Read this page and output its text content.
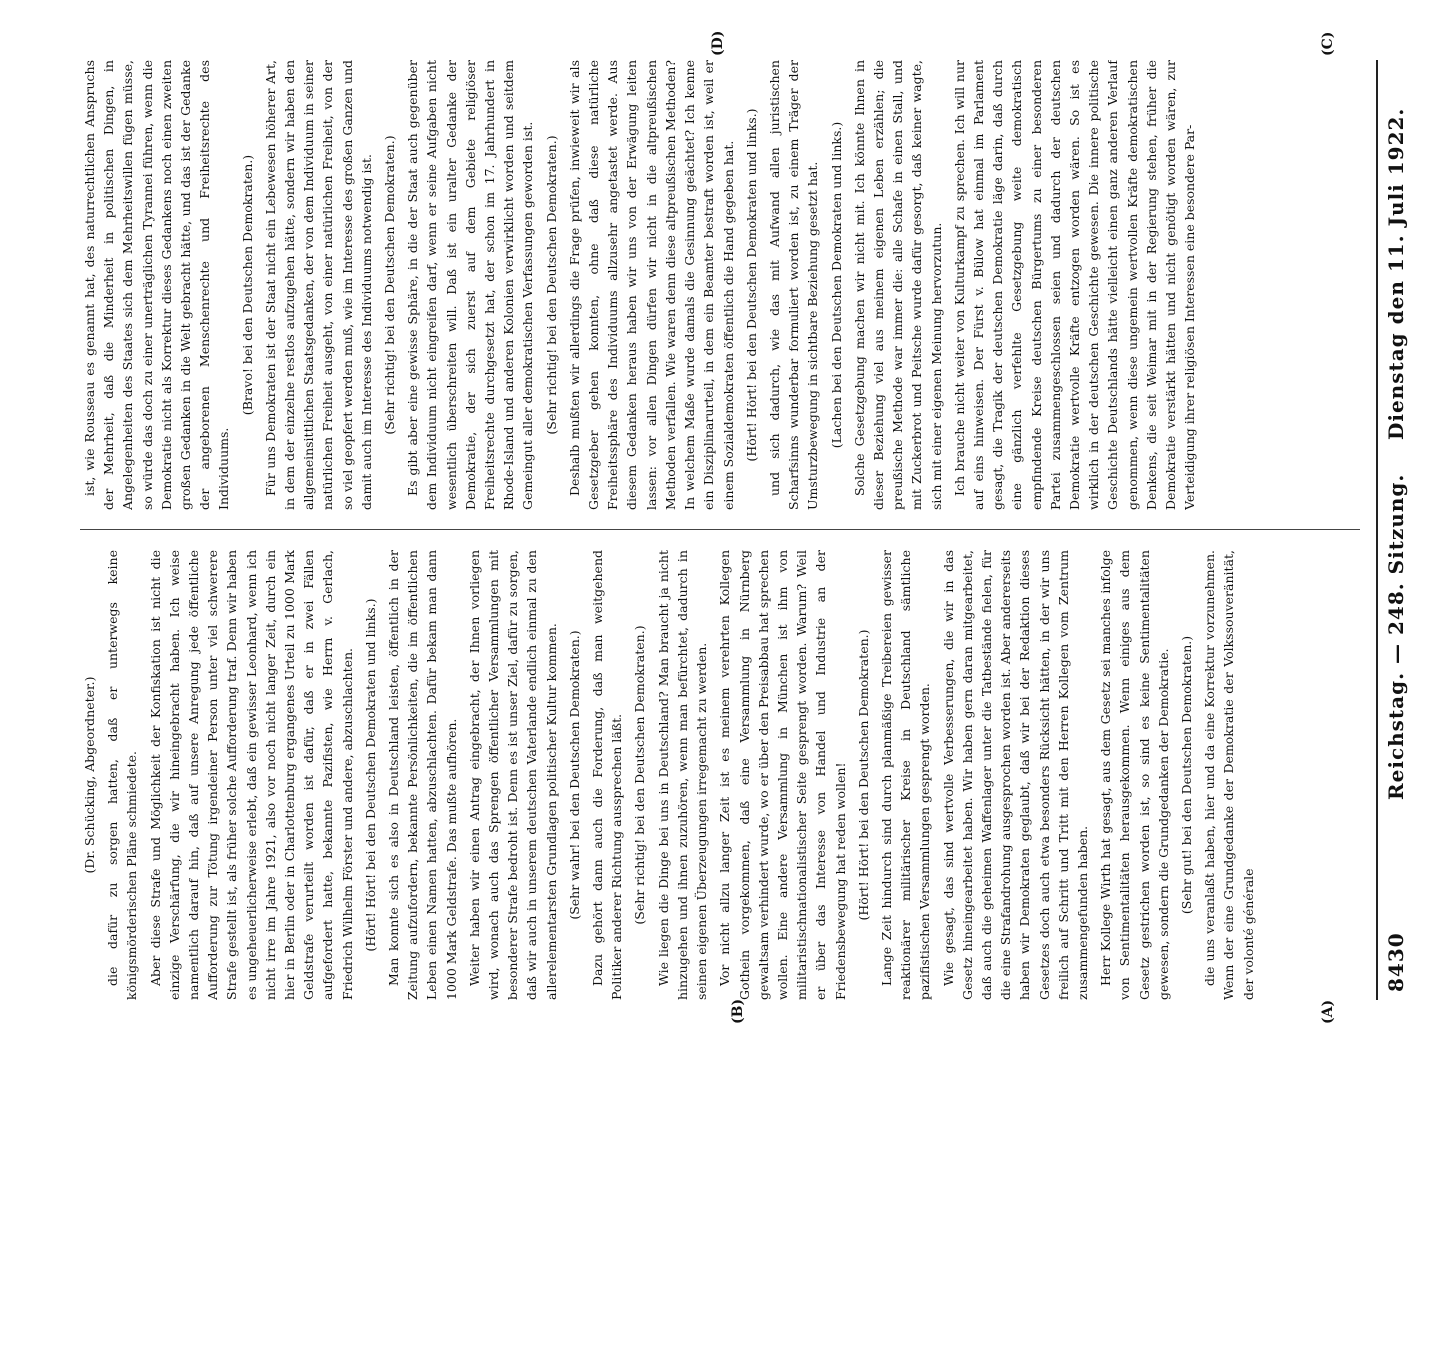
(Dr. Schücking, Abgeordneter.) die dafür zu sorgen hatten, daß er unterwegs keine königsmörderischen Pläne schmiedete. Aber diese Strafe und Möglichkeit der Konfiskation ist nicht die einzige Verschärfung, die wir hineingebracht haben. Ich weise namentlich darauf hin, daß auf unsere Anregung jede öffentliche Aufforderung zur Tötung irgendeiner Person unter viel schwerere Strafe gestellt ist, als früher solche Aufforderung traf. Denn wir haben es ungeheuerlicherweise erlebt, daß ein gewisser Leonhard, wenn ich nicht irre im Jahre 1921, also vor noch nicht langer Zeit, durch ein hier in Berlin oder in Charlottenburg ergangenes Urteil zu 1000 Mark Geldstrafe verurteilt worden ist dafür, daß er in zwei Fällen aufgefordert hatte, bekannte Pazifisten, wie Herrn v. Gerlach, Friedrich Wilhelm Förster und andere, abzuschlachten. (Hört! Hört! bei den Deutschen Demokraten und links.) Man konnte sich es also in Deutschland leisten, öffentlich in der Zeitung aufzufordern, bekannte Persönlichkeiten, die im öffentlichen Leben einen Namen hatten, abzuschlachten. Dafür bekam man dann 1000 Mark Geldstrafe. Das mußte aufhören. Weiter haben wir einen Antrag eingebracht, der Ihnen vorliegen wird, wonach auch das Sprengen öffentlicher Versammlungen mit besonderer Strafe bedroht ist. Denn es ist unser Ziel, dafür zu sorgen, daß wir auch in unserem deutschen Vaterlande endlich einmal zu den allerelementarsten Grundlagen politischer Kultur kommen. (Sehr wahr! bei den Deutschen Demokraten.) Dazu gehört dann auch die Forderung, daß man weitgehend Politiker anderer Richtung aussprechen läßt. (Sehr richtig! bei den Deutschen Demokraten.) Wie liegen die Dinge bei uns in Deutschland? Man braucht ja nicht hinzugehen und ihnen zuzuhören, wenn man befürchtet, dadurch in seinen eigenen Überzeugungen irregemacht zu werden. Vor nicht allzu langer Zeit ist es meinem verehrten Kollegen Gothein vorgekommen, daß eine Versammlung in Nürnberg gewaltsam verhindert wurde, wo er über den Preisabbau hat sprechen wollen. Eine andere Versammlung in München ist ihm von militaristischnationalistischer Seite gesprengt worden. Warum? Weil er über das Interesse von Handel und Industrie an der Friedensbewegung hat reden wollen! (Hört! Hört! bei den Deutschen Demokraten.) Lange Zeit hindurch sind durch planmäßige Treibereien gewisser reaktionärer militärischer Kreise in Deutschland sämtliche pazifistischen Versammlungen gesprengt worden. Wie gesagt, das sind wertvolle Verbesserungen, die wir in das Gesetz hineingearbeitet haben. Wir haben gern daran mitgearbeitet, daß auch die geheimen Waffenlager unter die Tatbestände fielen, für die eine Strafandrohung ausgesprochen worden ist. Aber andererseits haben wir Demokraten geglaubt, daß wir bei der Redaktion dieses Gesetzes doch auch etwa besonders Rücksicht hätten, in der wir uns freilich auf Schritt und Tritt mit den Herren Kollegen vom Zentrum zusammengefunden haben. Herr Kollege Wirth hat gesagt, aus dem Gesetz sei manches infolge von Sentimentalitäten herausgekommen. Wenn einiges aus dem Gesetz gestrichen worden ist, so sind es keine Sentimentalitäten gewesen, sondern die Grundgedanken der Demokratie. (Sehr gut! bei den Deutschen Demokraten.) die uns veranlaßt haben, hier und da eine Korrektur vorzunehmen. Wenn der eine Grundgedanke der Demokratie der Volkssouveränität, der volonté générale

ist, wie Rousseau es genannt hat, des naturrechtlichen Anspruchs der Mehrheit, daß die Minderheit in politischen Dingen, in Angelegenheiten des Staates sich dem Mehrheitswillen fügen müsse, so würde das doch zu einer unerträglichen Tyrannei führen, wenn die Demokratie nicht als Korrektur dieses Gedankens noch einen zweiten großen Gedanken in die Welt gebracht hätte, und das ist der Gedanke der angeborenen Menschenrechte und Freiheitsrechte des Individuums.

(Bravo! bei den Deutschen Demokraten.) Für uns Demokraten ist der Staat nicht ein Lebewesen höherer Art, in dem der einzelne restlos aufzugehen hätte, sondern wir haben den allgemeinsittlichen Staatsgedanken, der von dem Individuum in seiner natürlichen Freiheit ausgeht, von einer natürlichen Freiheit, von der so viel geopfert werden muß, wie im Interesse des großen Ganzen und damit auch im Interesse des Individuums notwendig ist. (Sehr richtig! bei den Deutschen Demokraten.) Es gibt aber eine gewisse Sphäre, in die der Staat auch gegenüber dem Individuum nicht eingreifen darf, wenn er seine Aufgaben nicht wesentlich überschreiten will. Daß ist ein uralter Gedanke der Demokratie, der sich zuerst auf dem Gebiete religiöser Freiheitsrechte durchgesetzt hat, der schon im 17. Jahrhundert in Rhode-Island und anderen Kolonien verwirklicht worden und seitdem Gemeingut aller demokratischen Verfassungen geworden ist. (Sehr richtig! bei den Deutschen Demokraten.) Deshalb mußten wir allerdings die Frage prüfen, inwieweit wir als Gesetzgeber gehen konnten, ohne daß diese natürliche Freiheitssphäre des Individuums allzusehr angetastet werde. Aus diesem Gedanken heraus haben wir uns von der Erwägung leiten lassen: vor allen Dingen dürfen wir nicht in die altpreußischen Methoden verfallen. Wie waren denn diese altpreußischen Methoden? In welchem Maße wurde damals die Gesinnung geächtet? Ich kenne ein Disziplinarurteil, in dem ein Beamter bestraft worden ist, weil er einem Sozialdemokraten öffentlich die Hand gegeben hat. (Hört! Hört! bei den Deutschen Demokraten und links.) und sich dadurch, wie das mit Aufwand allen juristischen Scharfsinns wunderbar formuliert worden ist, zu einem Träger der Umsturzbewegung in sichtbare Beziehung gesetzt hat. (Lachen bei den Deutschen Demokraten und links.) Solche Gesetzgebung machen wir nicht mit. Ich könnte Ihnen in dieser Beziehung viel aus meinem eigenen Leben erzählen; die preußische Methode war immer die: alle Schafe in einen Stall, und mit Zuckerbrot und Peitsche wurde dafür gesorgt, daß keiner wagte, sich mit einer eigenen Meinung hervorzutun. Ich brauche nicht weiter von Kulturkampf zu sprechen. Ich will nur auf eins hinweisen. Der Fürst v. Bülow hat einmal im Parlament gesagt, die Tragik der deutschen Demokratie läge darin, daß durch eine gänzlich verfehlte Gesetzgebung weite demokratisch empfindende Kreise deutschen Bürgertums zu einer besonderen Partei zusammengeschlossen seien und dadurch der deutschen Demokratie wertvolle Kräfte entzogen worden wären. So ist es wirklich in der deutschen Geschichte gewesen. Die innere politische Geschichte Deutschlands hätte vielleicht einen ganz anderen Verlauf genommen, wenn diese ungemein wertvollen Kräfte demokratischen Denkens, die seit Weimar mit in der Regierung stehen, früher die Demokratie verstärkt hätten und nicht genötigt worden wären, zur Verteidigung ihrer religiösen Interessen eine besondere Par-

8430
Reichstag. — 248. Sitzung.
Dienstag den 11. Juli 1922.
(A)
(B)
(C)
(D)
